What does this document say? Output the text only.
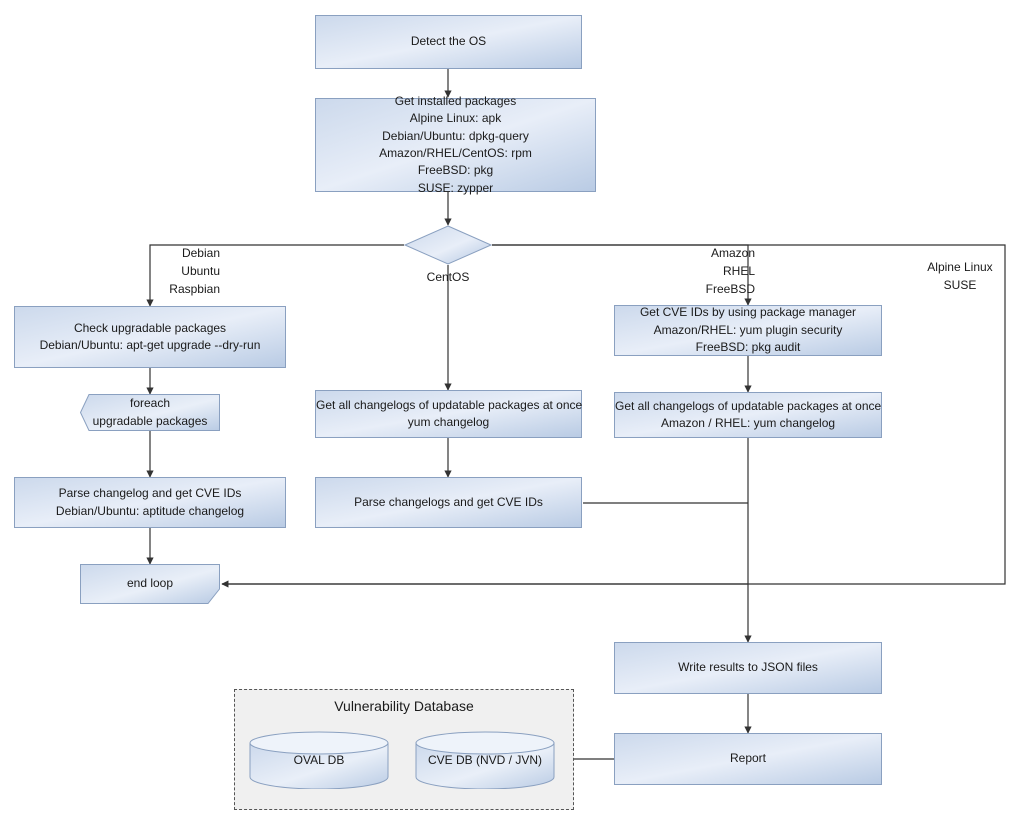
Detect the OS
Get installed packages
Alpine Linux: apk
Debian/Ubuntu: dpkg-query
Amazon/RHEL/CentOS: rpm
FreeBSD: pkg
SUSE: zypper
Debian
Ubuntu
Raspbian
CentOS
Amazon
RHEL
FreeBSD
Alpine Linux
SUSE
Check upgradable packages
Debian/Ubuntu: apt-get upgrade --dry-run
foreach
upgradable packages
Parse changelog and get CVE IDs
Debian/Ubuntu: aptitude changelog
end loop
Get all changelogs of updatable packages at once
yum changelog
Parse changelogs and get CVE IDs
Get CVE IDs by using package manager
Amazon/RHEL: yum plugin security
FreeBSD: pkg audit
Get all changelogs of updatable packages at once
Amazon / RHEL: yum changelog
Write results to JSON files
Report
Vulnerability Database
OVAL DB	CVE DB (NVD / JVN)
